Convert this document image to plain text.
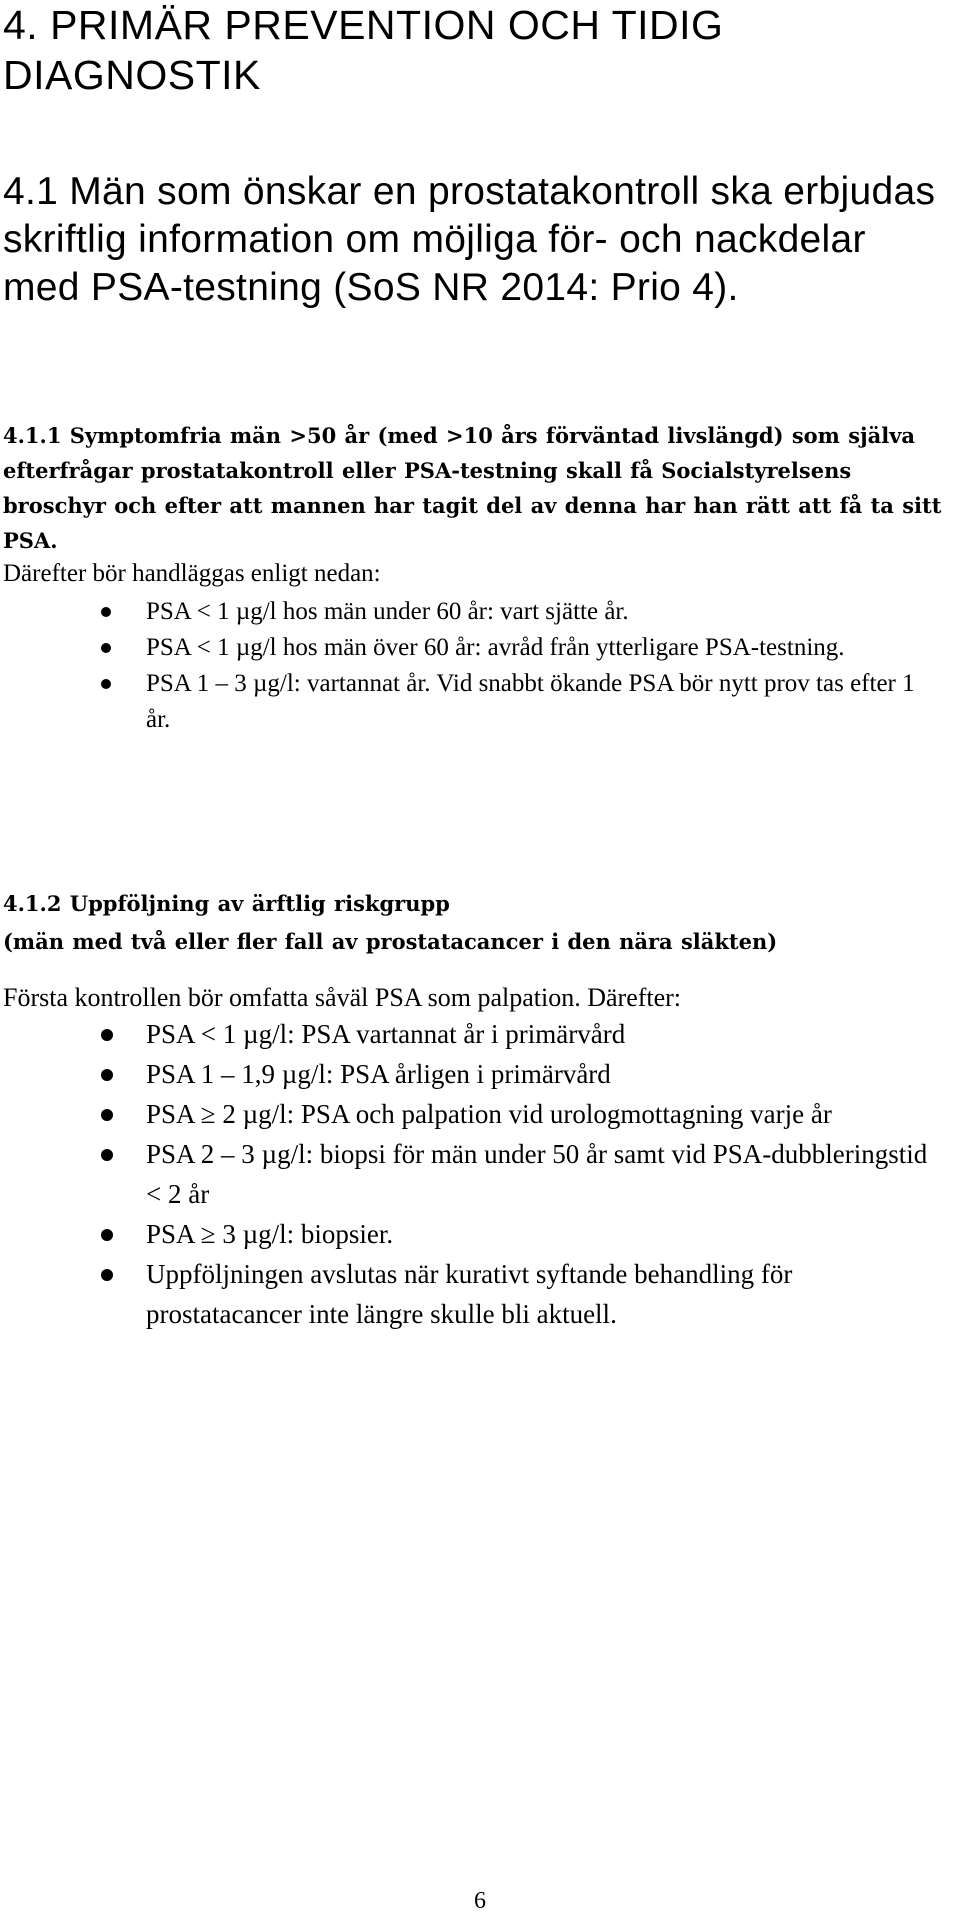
4. PRIMÄR PREVENTION OCH TIDIG DIAGNOSTIK
4.1 Män som önskar en prostatakontroll ska erbjudas skriftlig information om möjliga för- och nackdelar med PSA-testning (SoS NR 2014: Prio 4).
4.1.1 Symptomfria män >50 år (med >10 års förväntad livslängd) som själva efterfrågar prostatakontroll eller PSA-testning skall få Socialstyrelsens broschyr och efter att mannen har tagit del av denna har han rätt att få ta sitt PSA.
Därefter bör handläggas enligt nedan:
PSA < 1 µg/l hos män under 60 år: vart sjätte år.
PSA < 1 µg/l hos män över 60 år: avråd från ytterligare PSA-testning.
PSA 1 – 3 µg/l: vartannat år. Vid snabbt ökande PSA bör nytt prov tas efter 1 år.
4.1.2 Uppföljning av ärftlig riskgrupp
(män med två eller fler fall av prostatacancer i den nära släkten)
Första kontrollen bör omfatta såväl PSA som palpation. Därefter:
PSA < 1 µg/l: PSA vartannat år i primärvård
PSA 1 – 1,9 µg/l: PSA årligen i primärvård
PSA ≥ 2 µg/l: PSA och palpation vid urologmottagning varje år
PSA 2 – 3 µg/l: biopsi för män under 50 år samt vid PSA-dubbleringstid < 2 år
PSA ≥ 3 µg/l: biopsier.
Uppföljningen avslutas när kurativt syftande behandling för prostatacancer inte längre skulle bli aktuell.
6
